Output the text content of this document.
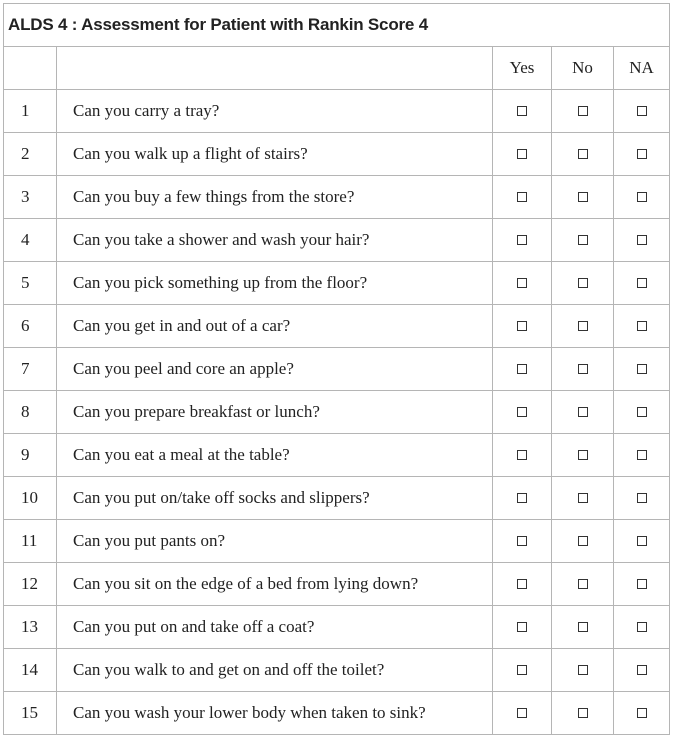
ALDS 4 : Assessment for Patient with Rankin Score 4				
		Yes	No	NA
1	Can you carry a tray?			
2	Can you walk up a flight of stairs?			
3	Can you buy a few things from the store?			
4	Can you take a shower and wash your hair?			
5	Can you pick something up from the floor?			
6	Can you get in and out of a car?			
7	Can you peel and core an apple?			
8	Can you prepare breakfast or lunch?			
9	Can you eat a meal at the table?			
10	Can you put on/take off socks and slippers?			
11	Can you put pants on?			
12	Can you sit on the edge of a bed from lying down?			
13	Can you put on and take off a coat?			
14	Can you walk to and get on and off the toilet?			
15	Can you wash your lower body when taken to sink?			
